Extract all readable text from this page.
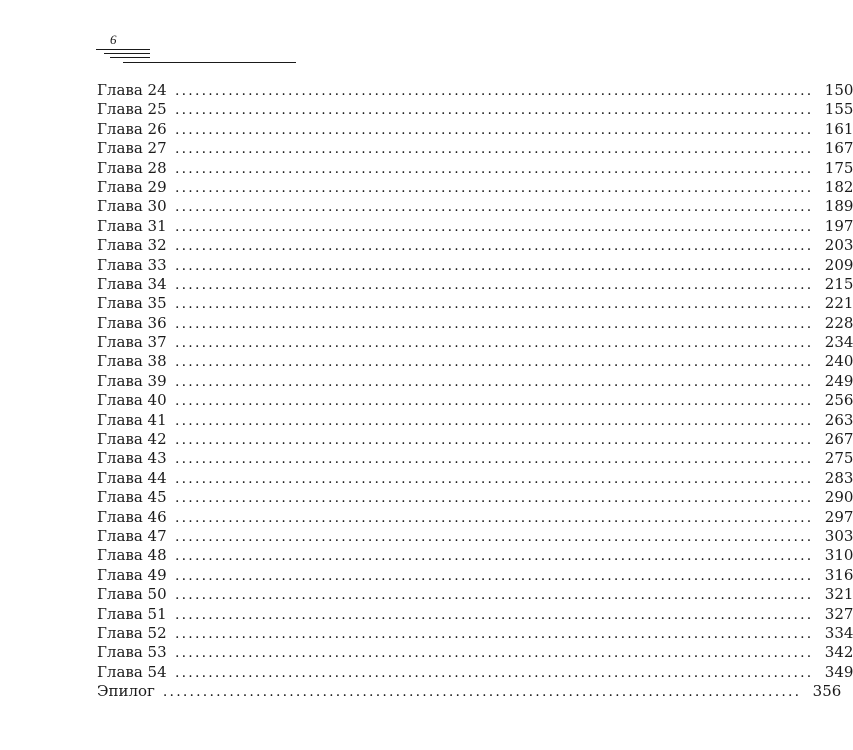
6
Глава 24 ................................................................................................ 150
Глава 25 ................................................................................................ 155
Глава 26 ................................................................................................ 161
Глава 27 ................................................................................................ 167
Глава 28 ................................................................................................ 175
Глава 29 ................................................................................................ 182
Глава 30 ................................................................................................ 189
Глава 31 ................................................................................................ 197
Глава 32 ................................................................................................ 203
Глава 33 ................................................................................................ 209
Глава 34 ................................................................................................ 215
Глава 35 ................................................................................................ 221
Глава 36 ................................................................................................ 228
Глава 37 ................................................................................................ 234
Глава 38 ................................................................................................ 240
Глава 39 ................................................................................................ 249
Глава 40 ................................................................................................ 256
Глава 41 ................................................................................................ 263
Глава 42 ................................................................................................ 267
Глава 43 ................................................................................................ 275
Глава 44 ................................................................................................ 283
Глава 45 ................................................................................................ 290
Глава 46 ................................................................................................ 297
Глава 47 ................................................................................................ 303
Глава 48 ................................................................................................ 310
Глава 49 ................................................................................................ 316
Глава 50 ................................................................................................ 321
Глава 51 ................................................................................................ 327
Глава 52 ................................................................................................ 334
Глава 53 ................................................................................................ 342
Глава 54 ................................................................................................ 349
Эпилог ................................................................................................ 356
